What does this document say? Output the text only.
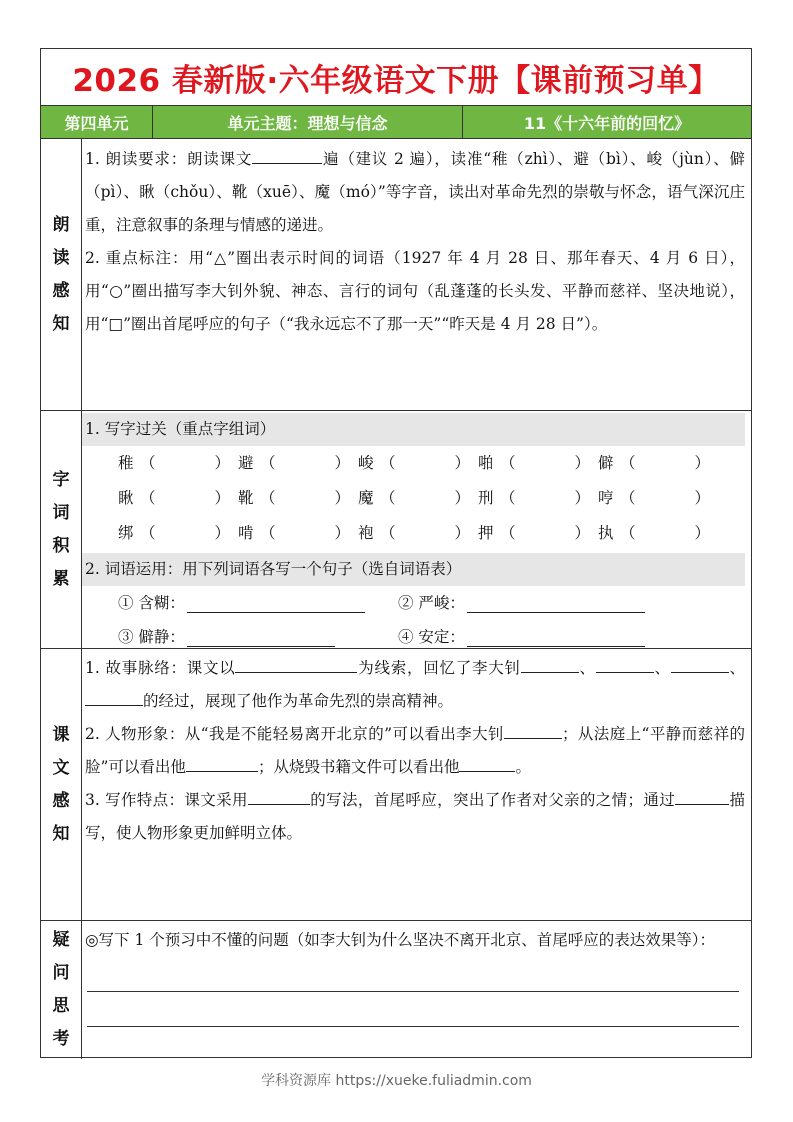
2026 春新版·六年级语文下册【课前预习单】
第四单元	单元主题：理想与信念	11《十六年前的回忆》
朗
读
感
知

1. 朗读要求：朗读课文	遍（建议 2 遍），读准“稚（zhì）、避（bì）、峻（jùn）、僻（pì）、瞅（chǒu）、靴（xuē）、魔（mó）”等字音，读出对革命先烈的崇敬与怀念，语气深沉庄重，注意叙事的条理与情感的递进。

2. 重点标注：用“△”圈出表示时间的词语（1927 年 4 月 28 日、那年春天、4 月 6 日），用“○”圈出描写李大钊外貌、神态、言行的词句（乱蓬蓬的长头发、平静而慈祥、坚决地说），用“□”圈出首尾呼应的句子（“我永远忘不了那一天”“昨天是 4 月 28 日”）。

字
词
积
累
1. 写字过关（重点字组词）
稚 （	） 避 （	） 峻 （	） 啪 （	） 僻 （	）
瞅 （	） 靴 （	） 魔 （	） 刑 （	） 哼 （	）
绑 （	） 啃 （	） 袍 （	） 押 （	） 执 （	）
2. 词语运用：用下列词语各写一个句子（选自词语表）
① 含糊：	② 严峻：
③ 僻静：	④ 安定：
课
文
感
知

1. 故事脉络：课文以	为线索，回忆了李大钊	、	、	、的经过，展现了他作为革命先烈的崇高精神。

2. 人物形象：从“我是不能轻易离开北京的”可以看出李大钊	；从法庭上“平静而慈祥的脸”可以看出他	；从烧毁书籍文件可以看出他	。

3. 写作特点：课文采用	的写法，首尾呼应，突出了作者对父亲的之情；通过	描写，使人物形象更加鲜明立体。

疑
问
思
考

◎写下 1 个预习中不懂的问题（如李大钊为什么坚决不离开北京、首尾呼应的表达效果等）：

学科资源库 https://xueke.fuliadmin.com
